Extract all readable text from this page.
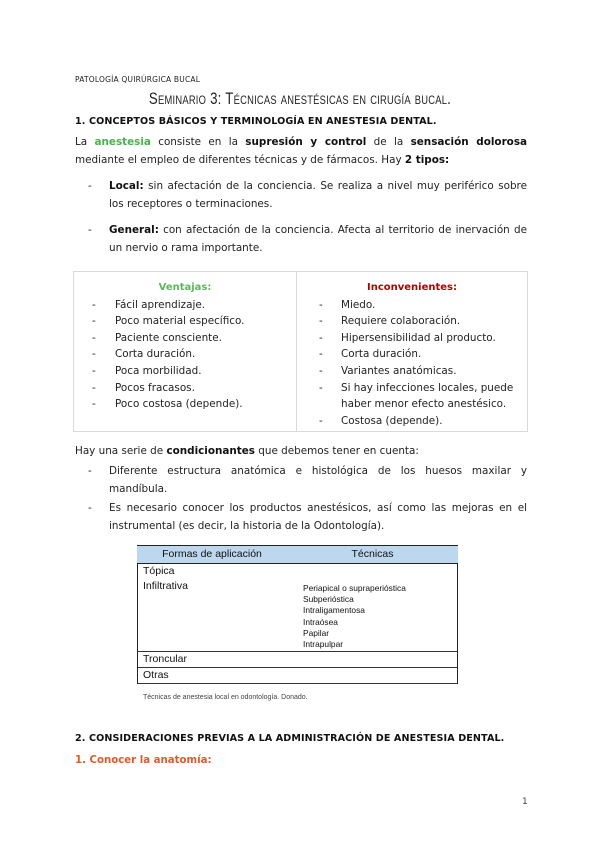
PATOLOGÍA QUIRÚRGICA BUCAL
Seminario 3: Técnicas anestésicas en cirugía bucal.
1. CONCEPTOS BÁSICOS Y TERMINOLOGÍA EN ANESTESIA DENTAL.
La anestesia consiste en la supresión y control de la sensación dolorosa mediante el empleo de diferentes técnicas y de fármacos. Hay 2 tipos:
- Local: sin afectación de la conciencia. Se realiza a nivel muy periférico sobre los receptores o terminaciones.
- General: con afectación de la conciencia. Afecta al territorio de inervación de un nervio o rama importante.
Ventajas:
- Fácil aprendizaje.
- Poco material específico.
- Paciente consciente.
- Corta duración.
- Poca morbilidad.
- Pocos fracasos.
- Poco costosa (depende).
Inconvenientes:
- Miedo.
- Requiere colaboración.
- Hipersensibilidad al producto.
- Corta duración.
- Variantes anatómicas.
- Si hay infecciones locales, puede haber menor efecto anestésico.
- Costosa (depende).
Hay una serie de condicionantes que debemos tener en cuenta:
- Diferente estructura anatómica e histológica de los huesos maxilar y mandíbula.
- Es necesario conocer los productos anestésicos, así como las mejoras en el instrumental (es decir, la historia de la Odontología).
Formas de aplicación	Técnicas
Tópica
Infiltrativa	Periapical o supraperióstica
Subperióstica
Intraligamentosa
Intraósea
Papilar
Intrapulpar
Troncular
Otras
Técnicas de anestesia local en odontología. Donado.
2. CONSIDERACIONES PREVIAS A LA ADMINISTRACIÓN DE ANESTESIA DENTAL.
1. Conocer la anatomía:
1
